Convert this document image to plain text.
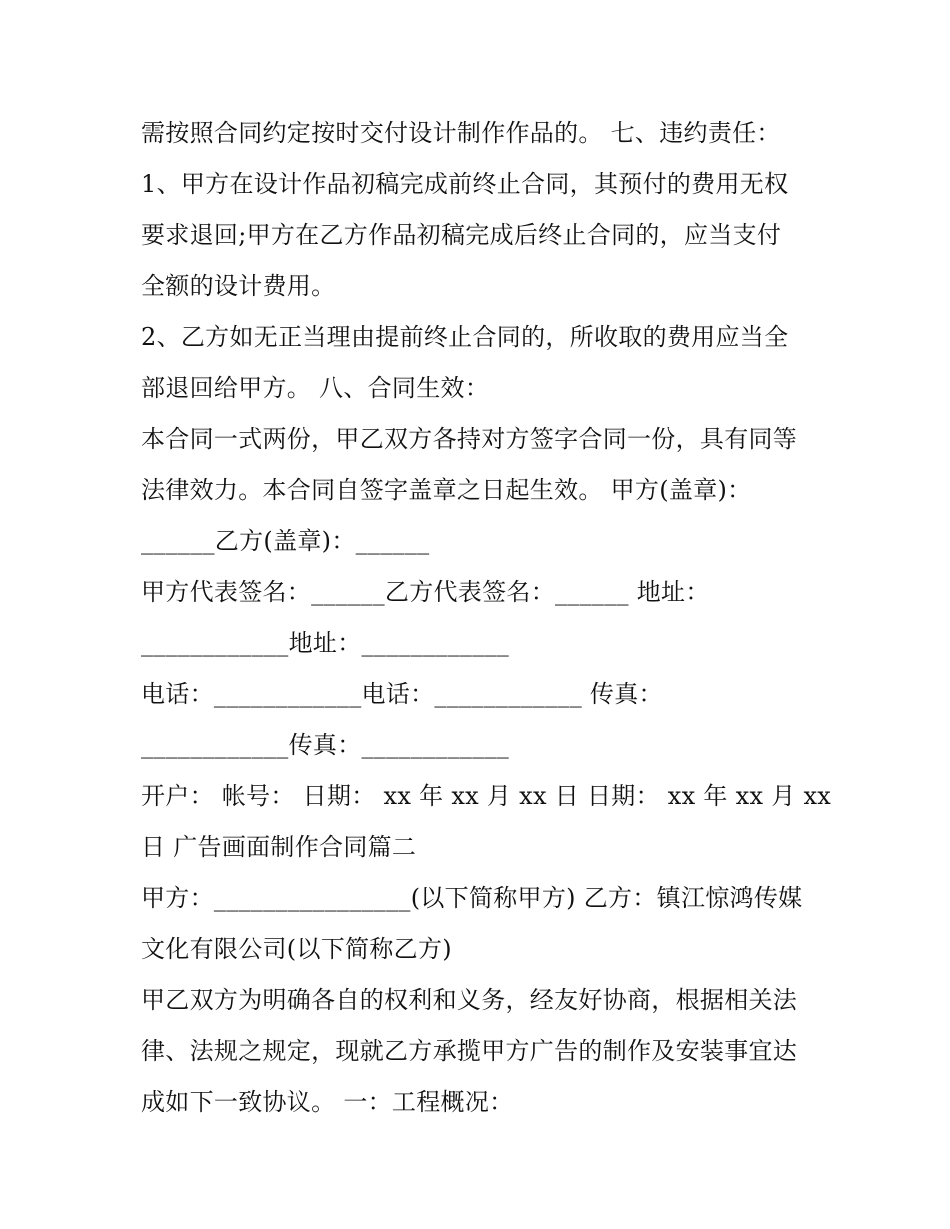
需按照合同约定按时交付设计制作作品的。 七、违约责任：
1、甲方在设计作品初稿完成前终止合同，其预付的费用无权
要求退回;甲方在乙方作品初稿完成后终止合同的，应当支付
全额的设计费用。
2、乙方如无正当理由提前终止合同的，所收取的费用应当全
部退回给甲方。 八、合同生效：
本合同一式两份，甲乙双方各持对方签字合同一份，具有同等
法律效力。本合同自签字盖章之日起生效。 甲方(盖章)：
______乙方(盖章)：______
甲方代表签名：______乙方代表签名：______ 地址：
____________地址：____________
电话：____________电话：____________ 传真：
____________传真：____________
开户： 帐号： 日期： xx 年 xx 月 xx 日 日期： xx 年 xx 月 xx
日 广告画面制作合同篇二
甲方：________________(以下简称甲方) 乙方：镇江惊鸿传媒
文化有限公司(以下简称乙方)
甲乙双方为明确各自的权利和义务，经友好协商，根据相关法
律、法规之规定，现就乙方承揽甲方广告的制作及安装事宜达
成如下一致协议。 一：工程概况：
